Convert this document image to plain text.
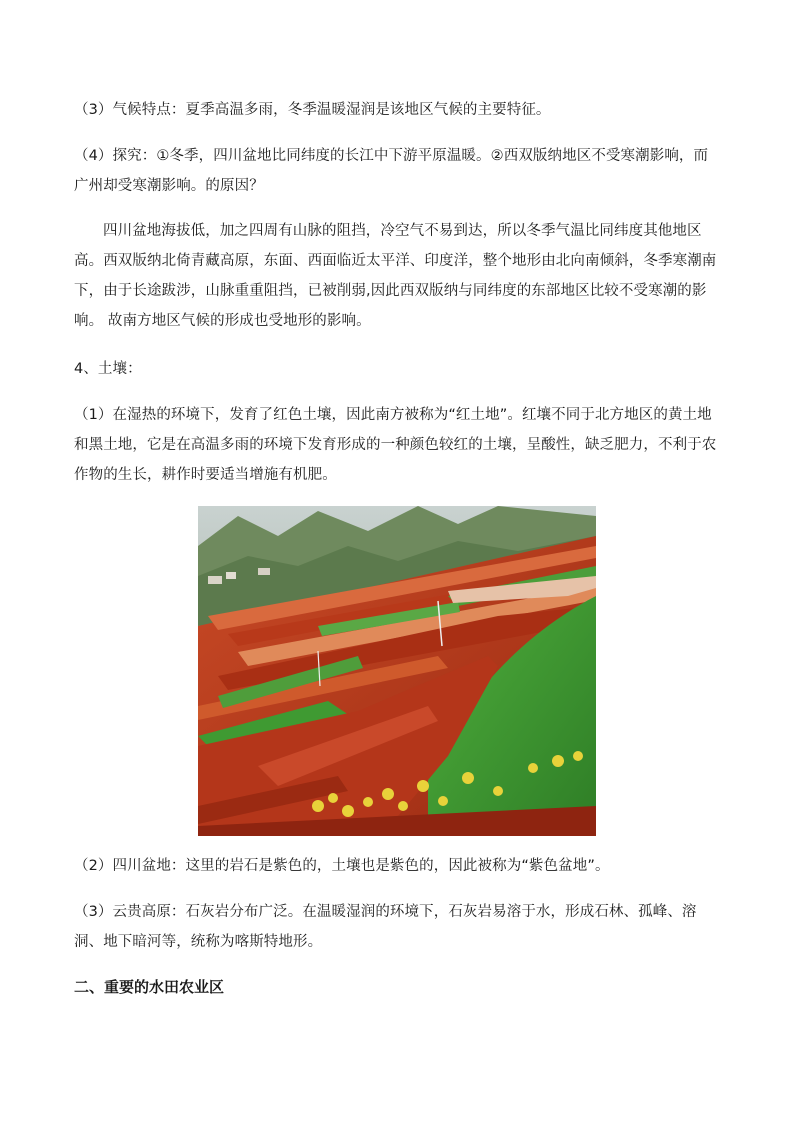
（3）气候特点：夏季高温多雨，冬季温暖湿润是该地区气候的主要特征。

（4）探究：①冬季，四川盆地比同纬度的长江中下游平原温暖。②西双版纳地区不受寒潮影响，而广州却受寒潮影响。的原因？

四川盆地海拔低，加之四周有山脉的阻挡，冷空气不易到达，所以冬季气温比同纬度其他地区高。西双版纳北倚青藏高原，东面、西面临近太平洋、印度洋，整个地形由北向南倾斜，冬季寒潮南下，由于长途跋涉，山脉重重阻挡，已被削弱,因此西双版纳与同纬度的东部地区比较不受寒潮的影响。 故南方地区气候的形成也受地形的影响。

4、土壤：

（1）在湿热的环境下，发育了红色土壤，因此南方被称为“红土地”。红壤不同于北方地区的黄土地和黑土地，它是在高温多雨的环境下发育形成的一种颜色较红的土壤，呈酸性，缺乏肥力，不利于农作物的生长，耕作时要适当增施有机肥。

（2）四川盆地：这里的岩石是紫色的，土壤也是紫色的，因此被称为“紫色盆地”。

（3）云贵高原：石灰岩分布广泛。在温暖湿润的环境下，石灰岩易溶于水，形成石林、孤峰、溶洞、地下暗河等，统称为喀斯特地形。

二、重要的水田农业区
